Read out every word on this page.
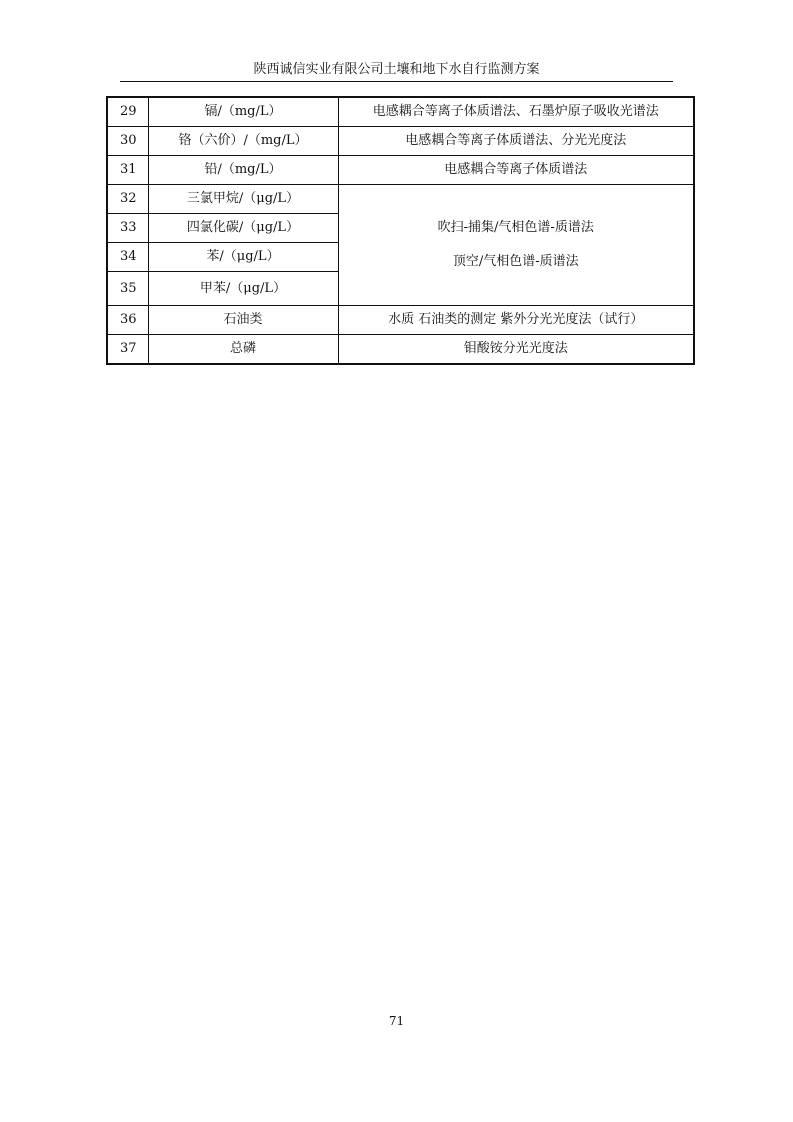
陕西诚信实业有限公司土壤和地下水自行监测方案
29	镉/（mg/L）	电感耦合等离子体质谱法、石墨炉原子吸收光谱法
30	铬（六价）/（mg/L）	电感耦合等离子体质谱法、分光光度法
31	铅/（mg/L）	电感耦合等离子体质谱法
32	三氯甲烷/（μg/L）	吹扫-捕集/气相色谱-质谱法
顶空/气相色谱-质谱法

33	四氯化碳/（μg/L）	
34	苯/（μg/L）	
35	甲苯/（μg/L）	
36	石油类	水质 石油类的测定 紫外分光光度法（试行）
37	总磷	钼酸铵分光光度法
71
